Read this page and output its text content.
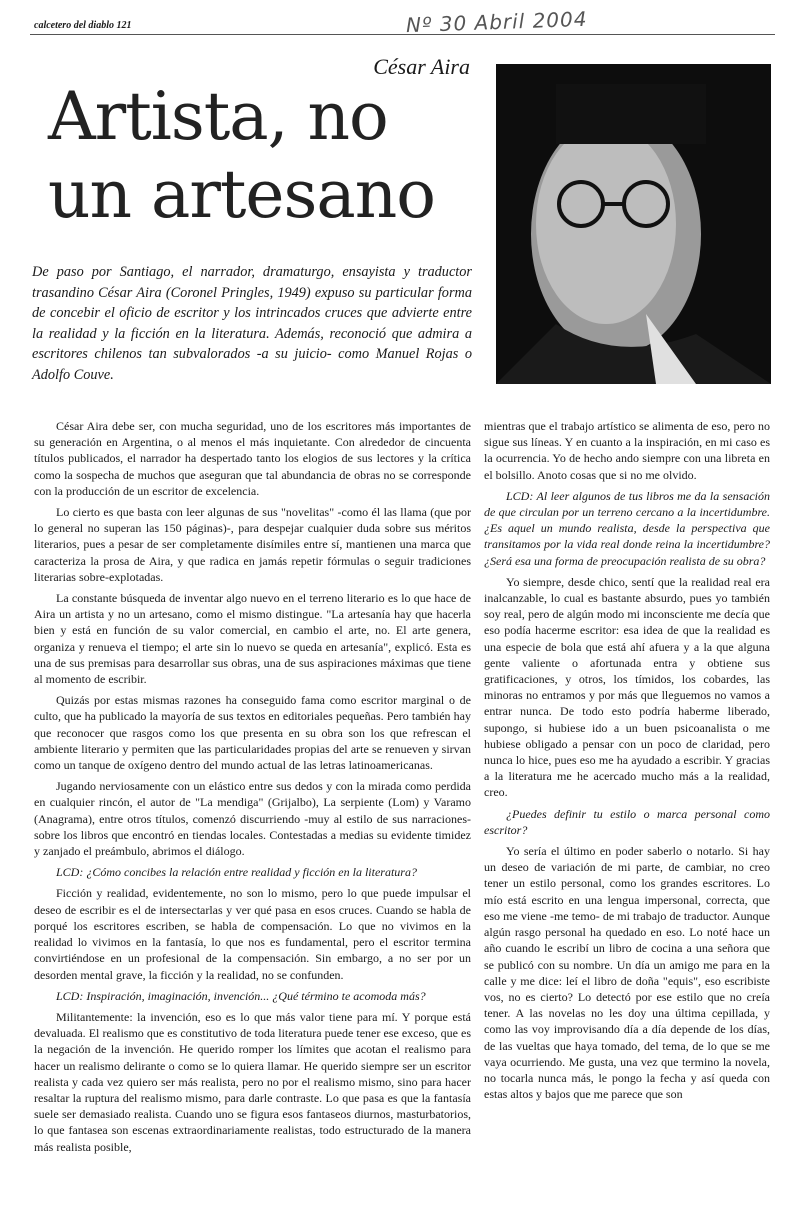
calcetero del diablo 121	Nº 30 Abril 2004
César Aira
Artista, no
un artesano
De paso por Santiago, el narrador, dramaturgo, ensayista y traductor trasandino César Aira (Coronel Pringles, 1949) expuso su particular forma de concebir el oficio de escritor y los intrincados cruces que advierte entre la realidad y la ficción en la literatura. Además, reconoció que admira a escritores chilenos tan subvalorados -a su juicio- como Manuel Rojas o Adolfo Couve.

César Aira debe ser, con mucha seguridad, uno de los escritores más importantes de su generación en Argentina, o al menos el más inquietante. Con alrededor de cincuenta títulos publicados, el narrador ha despertado tanto los elogios de sus lectores y la crítica como la sospecha de muchos que aseguran que tal abundancia de obras no se corresponde con la producción de un escritor de excelencia.

Lo cierto es que basta con leer algunas de sus "novelitas" -como él las llama (que por lo general no superan las 150 páginas)-, para despejar cualquier duda sobre sus méritos literarios, pues a pesar de ser completamente disímiles entre sí, mantienen una marca que caracteriza la prosa de Aira, y que radica en jamás repetir fórmulas o seguir tradiciones literarias sobre-explotadas.

La constante búsqueda de inventar algo nuevo en el terreno literario es lo que hace de Aira un artista y no un artesano, como el mismo distingue. "La artesanía hay que hacerla bien y está en función de su valor comercial, en cambio el arte, no. El arte genera, organiza y renueva el tiempo; el arte sin lo nuevo se queda en artesanía", explicó. Esta es una de sus premisas para desarrollar sus obras, una de sus aspiraciones máximas que tiene al momento de escribir.

Quizás por estas mismas razones ha conseguido fama como escritor marginal o de culto, que ha publicado la mayoría de sus textos en editoriales pequeñas. Pero también hay que reconocer que rasgos como los que presenta en su obra son los que refrescan el ambiente literario y permiten que las particularidades propias del arte se renueven y sirvan como un tanque de oxígeno dentro del mundo actual de las letras latinoamericanas.

Jugando nerviosamente con un elástico entre sus dedos y con la mirada como perdida en cualquier rincón, el autor de "La mendiga" (Grijalbo), La serpiente (Lom) y Varamo (Anagrama), entre otros títulos, comenzó discurriendo -muy al estilo de sus narraciones- sobre los libros que encontró en tiendas locales. Contestadas a medias su evidente timidez y zanjado el preámbulo, abrimos el diálogo.

LCD: ¿Cómo concibes la relación entre realidad y ficción en la literatura?

Ficción y realidad, evidentemente, no son lo mismo, pero lo que puede impulsar el deseo de escribir es el de intersectarlas y ver qué pasa en esos cruces. Cuando se habla de porqué los escritores escriben, se habla de compensación. Lo que no vivimos en la realidad lo vivimos en la fantasía, lo que nos es fundamental, pero el escritor termina convirtiéndose en un profesional de la compensación. Sin embargo, a no ser por un desorden mental grave, la ficción y la realidad, no se confunden.

LCD: Inspiración, imaginación, invención... ¿Qué término te acomoda más?

Militantemente: la invención, eso es lo que más valor tiene para mí. Y porque está devaluada. El realismo que es constitutivo de toda literatura puede tener ese exceso, que es la negación de la invención. He querido romper los límites que acotan el realismo para hacer un realismo delirante o como se lo quiera llamar. He querido siempre ser un escritor realista y cada vez quiero ser más realista, pero no por el realismo mismo, sino para hacer resaltar la ruptura del realismo mismo, para darle contraste. Lo que pasa es que la fantasía suele ser demasiado realista. Cuando uno se figura esos fantaseos diurnos, masturbatorios, lo que fantasea son escenas extraordinariamente realistas, todo estructurado de la manera más realista posible,

mientras que el trabajo artístico se alimenta de eso, pero no sigue sus líneas. Y en cuanto a la inspiración, en mi caso es la ocurrencia. Yo de hecho ando siempre con una libreta en el bolsillo. Anoto cosas que si no me olvido.

LCD: Al leer algunos de tus libros me da la sensación de que circulan por un terreno cercano a la incertidumbre. ¿Es aquel un mundo realista, desde la perspectiva que transitamos por la vida real donde reina la incertidumbre? ¿Será esa una forma de preocupación realista de su obra?

Yo siempre, desde chico, sentí que la realidad real era inalcanzable, lo cual es bastante absurdo, pues yo también soy real, pero de algún modo mi inconsciente me decía que eso podía hacerme escritor: esa idea de que la realidad es una especie de bola que está ahí afuera y a la que alguna gente valiente o afortunada entra y obtiene sus gratificaciones, y otros, los tímidos, los cobardes, las minoras no entramos y por más que lleguemos no vamos a entrar nunca. De todo esto podría haberme liberado, supongo, si hubiese ido a un buen psicoanalista o me hubiese obligado a pensar con un poco de claridad, pero nunca lo hice, pues eso me ha ayudado a escribir. Y gracias a la literatura me he acercado mucho más a la realidad, creo.

¿Puedes definir tu estilo o marca personal como escritor?

Yo sería el último en poder saberlo o notarlo. Si hay un deseo de variación de mi parte, de cambiar, no creo tener un estilo personal, como los grandes escritores. Lo mío está escrito en una lengua impersonal, correcta, que eso me viene -me temo- de mi trabajo de traductor. Aunque algún rasgo personal ha quedado en eso. Lo noté hace un año cuando le escribí un libro de cocina a una señora que se publicó con su nombre. Un día un amigo me para en la calle y me dice: leí el libro de doña "equis", eso escribiste vos, no es cierto? Lo detectó por ese estilo que no creía tener. A las novelas no les doy una última cepillada, y como las voy improvisando día a día depende de los días, de las vueltas que haya tomado, del tema, de lo que se me vaya ocurriendo. Me gusta, una vez que termino la novela, no tocarla nunca más, le pongo la fecha y así queda con estas altos y bajos que me parece que son
